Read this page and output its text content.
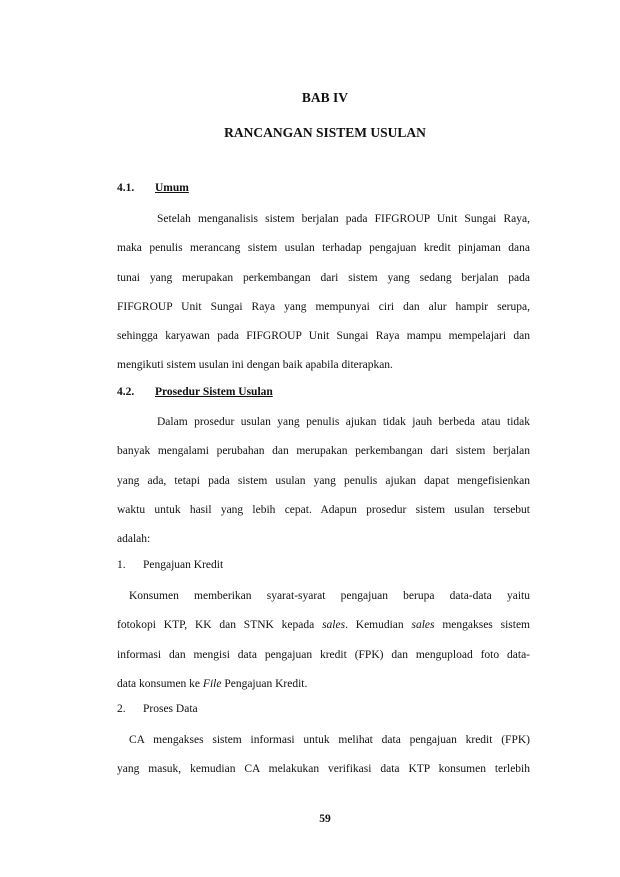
BAB IV

RANCANGAN SISTEM USULAN

4.1. Umum

Setelah menganalisis sistem berjalan pada FIFGROUP Unit Sungai Raya,
maka penulis merancang sistem usulan terhadap pengajuan kredit pinjaman dana
tunai yang merupakan perkembangan dari sistem yang sedang berjalan pada
FIFGROUP Unit Sungai Raya yang mempunyai ciri dan alur hampir serupa,
sehingga karyawan pada FIFGROUP Unit Sungai Raya mampu mempelajari dan
mengikuti sistem usulan ini dengan baik apabila diterapkan.

4.2. Prosedur Sistem Usulan

Dalam prosedur usulan yang penulis ajukan tidak jauh berbeda atau tidak
banyak mengalami perubahan dan merupakan perkembangan dari sistem berjalan
yang ada, tetapi pada sistem usulan yang penulis ajukan dapat mengefisienkan
waktu untuk hasil yang lebih cepat. Adapun prosedur sistem usulan tersebut
adalah:

1. Pengajuan Kredit

Konsumen memberikan syarat-syarat pengajuan berupa data-data yaitu
fotokopi KTP, KK dan STNK kepada sales. Kemudian sales mengakses sistem
informasi dan mengisi data pengajuan kredit (FPK) dan mengupload foto data-
data konsumen ke File Pengajuan Kredit.

2. Proses Data

CA mengakses sistem informasi untuk melihat data pengajuan kredit (FPK)
yang masuk, kemudian CA melakukan verifikasi data KTP konsumen terlebih

59
